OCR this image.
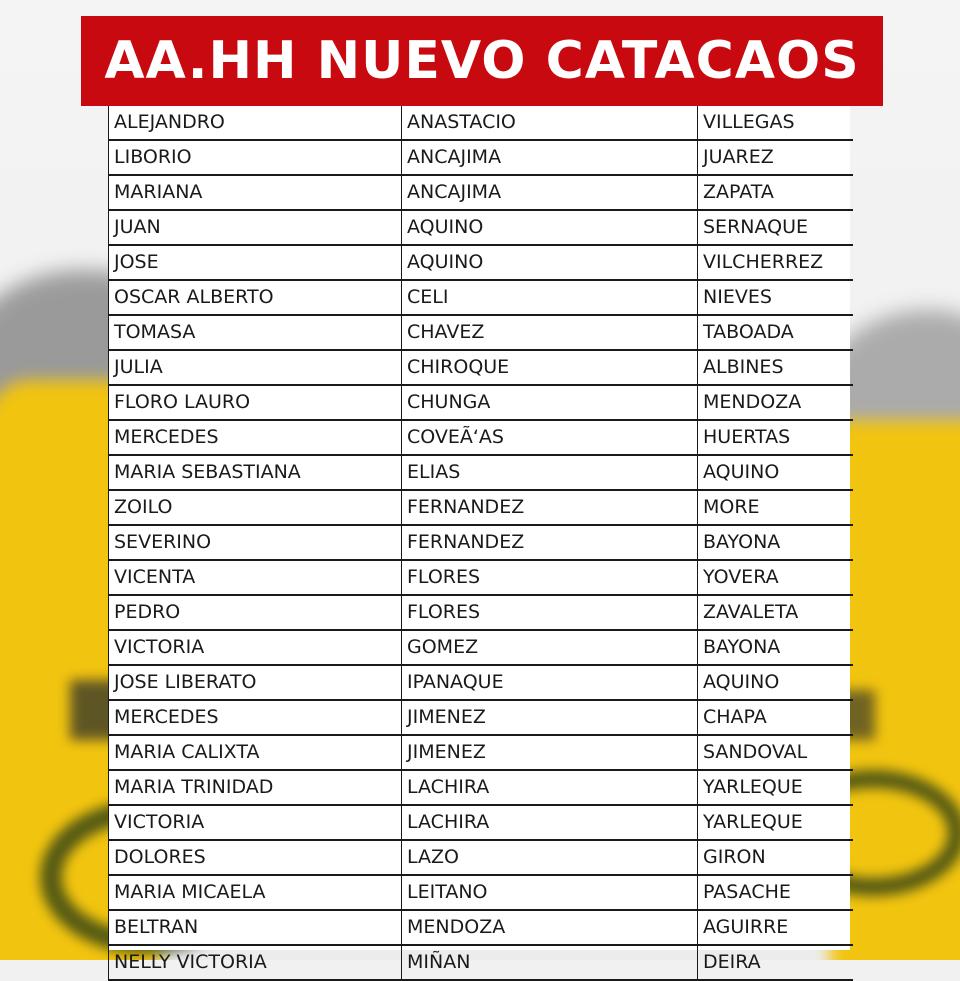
AA.HH NUEVO CATACAOS
ALEJANDRO	ANASTACIO	VILLEGAS
LIBORIO	ANCAJIMA	JUAREZ
MARIANA	ANCAJIMA	ZAPATA
JUAN	AQUINO	SERNAQUE
JOSE	AQUINO	VILCHERREZ
OSCAR ALBERTO	CELI	NIEVES
TOMASA	CHAVEZ	TABOADA
JULIA	CHIROQUE	ALBINES
FLORO LAURO	CHUNGA	MENDOZA
MERCEDES	COVEÃ‘AS	HUERTAS
MARIA SEBASTIANA	ELIAS	AQUINO
ZOILO	FERNANDEZ	MORE
SEVERINO	FERNANDEZ	BAYONA
VICENTA	FLORES	YOVERA
PEDRO	FLORES	ZAVALETA
VICTORIA	GOMEZ	BAYONA
JOSE LIBERATO	IPANAQUE	AQUINO
MERCEDES	JIMENEZ	CHAPA
MARIA CALIXTA	JIMENEZ	SANDOVAL
MARIA TRINIDAD	LACHIRA	YARLEQUE
VICTORIA	LACHIRA	YARLEQUE
DOLORES	LAZO	GIRON
MARIA MICAELA	LEITANO	PASACHE
BELTRAN	MENDOZA	AGUIRRE
NELLY VICTORIA	MIÑAN	DEIRA
